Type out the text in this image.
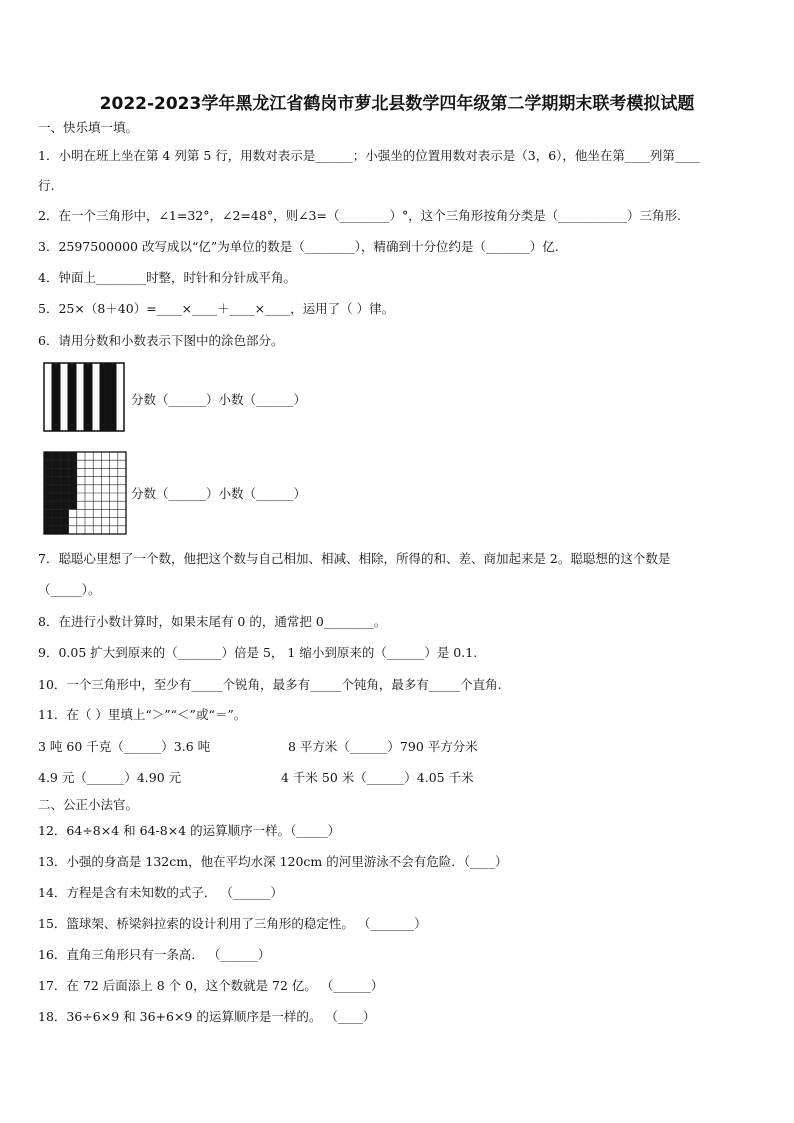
2022-2023学年黑龙江省鹤岗市萝北县数学四年级第二学期期末联考模拟试题
一、快乐填一填。
1．小明在班上坐在第 4 列第 5 行，用数对表示是______；小强坐的位置用数对表示是（3，6），他坐在第____列第____
行.
2．在一个三角形中，∠1=32°，∠2=48°，则∠3=（________）°，这个三角形按角分类是（___________）三角形.
3．2597500000 改写成以“亿”为单位的数是（________），精确到十分位约是（_______）亿.
4．钟面上________时整，时针和分针成平角。
5．25×（8＋40）=____×____＋____×____，运用了（ ）律。
6．请用分数和小数表示下图中的涂色部分。
分数（______）小数（______）
分数（______）小数（______）
7．聪聪心里想了一个数，他把这个数与自己相加、相减、相除，所得的和、差、商加起来是 2。聪聪想的这个数是
（_____）。
8．在进行小数计算时，如果末尾有 0 的，通常把 0________。
9．0.05 扩大到原来的（_______）倍是 5， 1 缩小到原来的（______）是 0.1.
10．一个三角形中，至少有_____个锐角，最多有_____个钝角，最多有_____个直角.
11．在（ ）里填上“＞”“＜”或“＝”。
3 吨 60 千克（______）3.6 吨	8 平方米（______）790 平方分米
4.9 元（______）4.90 元	4 千米 50 米（______）4.05 千米
二、公正小法官。
12．64÷8×4 和 64-8×4 的运算顺序一样。（_____）
13．小强的身高是 132cm，他在平均水深 120cm 的河里游泳不会有危险．（____）
14．方程是含有未知数的式子． （______）
15．篮球架、桥梁斜拉索的设计利用了三角形的稳定性。 （_______）
16．直角三角形只有一条高． （______）
17．在 72 后面添上 8 个 0，这个数就是 72 亿。 （______）
18．36÷6×9 和 36+6×9 的运算顺序是一样的。 （____）
